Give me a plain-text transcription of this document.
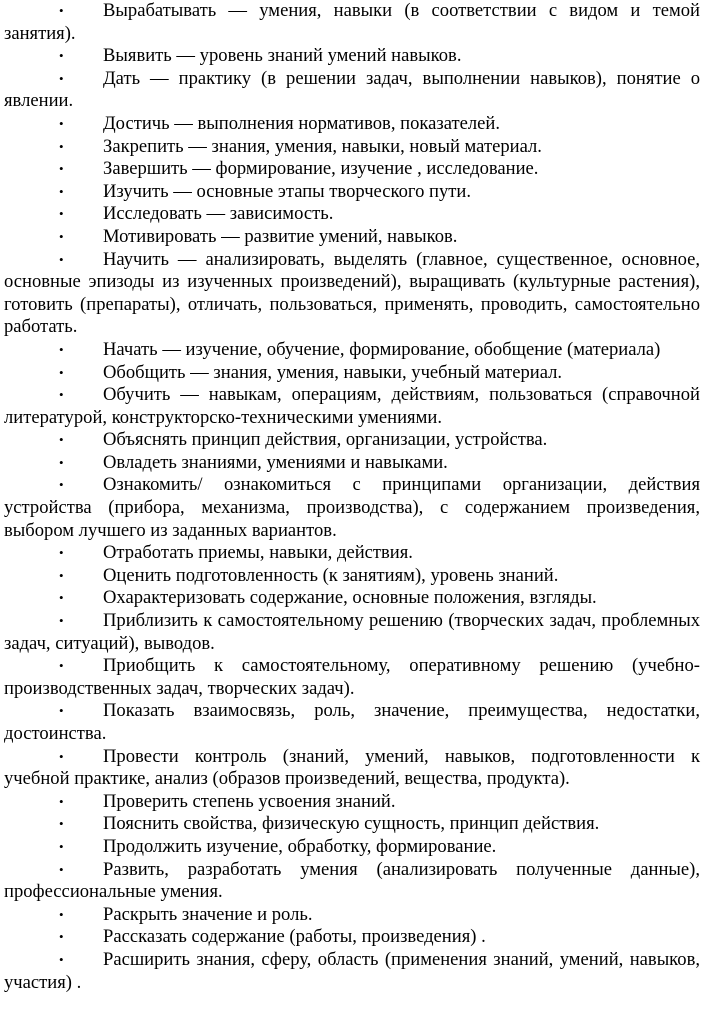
• Вырабатывать — умения, навыки (в соответствии с видом и темой занятия).
• Выявить — уровень знаний умений навыков.
• Дать — практику (в решении задач, выполнении навыков), понятие о явлении.
• Достичь — выполнения нормативов, показателей.
• Закрепить — знания, умения, навыки, новый материал.
• Завершить — формирование, изучение , исследование.
• Изучить — основные этапы творческого пути.
• Исследовать — зависимость.
• Мотивировать — развитие умений, навыков.
• Научить — анализировать, выделять (главное, существенное, основное, основные эпизоды из изученных произведений), выращивать (культурные растения), готовить (препараты), отличать, пользоваться, применять, проводить, самостоятельно работать.
• Начать — изучение, обучение, формирование, обобщение (материала)
• Обобщить — знания, умения, навыки, учебный материал.
• Обучить — навыкам, операциям, действиям, пользоваться (справочной литературой, конструкторско-техническими умениями.
• Объяснять принцип действия, организации, устройства.
• Овладеть знаниями, умениями и навыками.
• Ознакомить/ ознакомиться с принципами организации, действия устройства (прибора, механизма, производства), с содержанием произведения, выбором лучшего из заданных вариантов.
• Отработать приемы, навыки, действия.
• Оценить подготовленность (к занятиям), уровень знаний.
• Охарактеризовать содержание, основные положения, взгляды.
• Приблизить к самостоятельному решению (творческих задач, проблемных задач, ситуаций), выводов.
• Приобщить к самостоятельному, оперативному решению (учебно-производственных задач, творческих задач).
• Показать взаимосвязь, роль, значение, преимущества, недостатки, достоинства.
• Провести контроль (знаний, умений, навыков, подготовленности к учебной практике, анализ (образов произведений, вещества, продукта).
• Проверить степень усвоения знаний.
• Пояснить свойства, физическую сущность, принцип действия.
• Продолжить изучение, обработку, формирование.
• Развить, разработать умения (анализировать полученные данные), профессиональные умения.
• Раскрыть значение и роль.
• Рассказать содержание (работы, произведения) .
• Расширить знания, сферу, область (применения знаний, умений, навыков, участия) .
